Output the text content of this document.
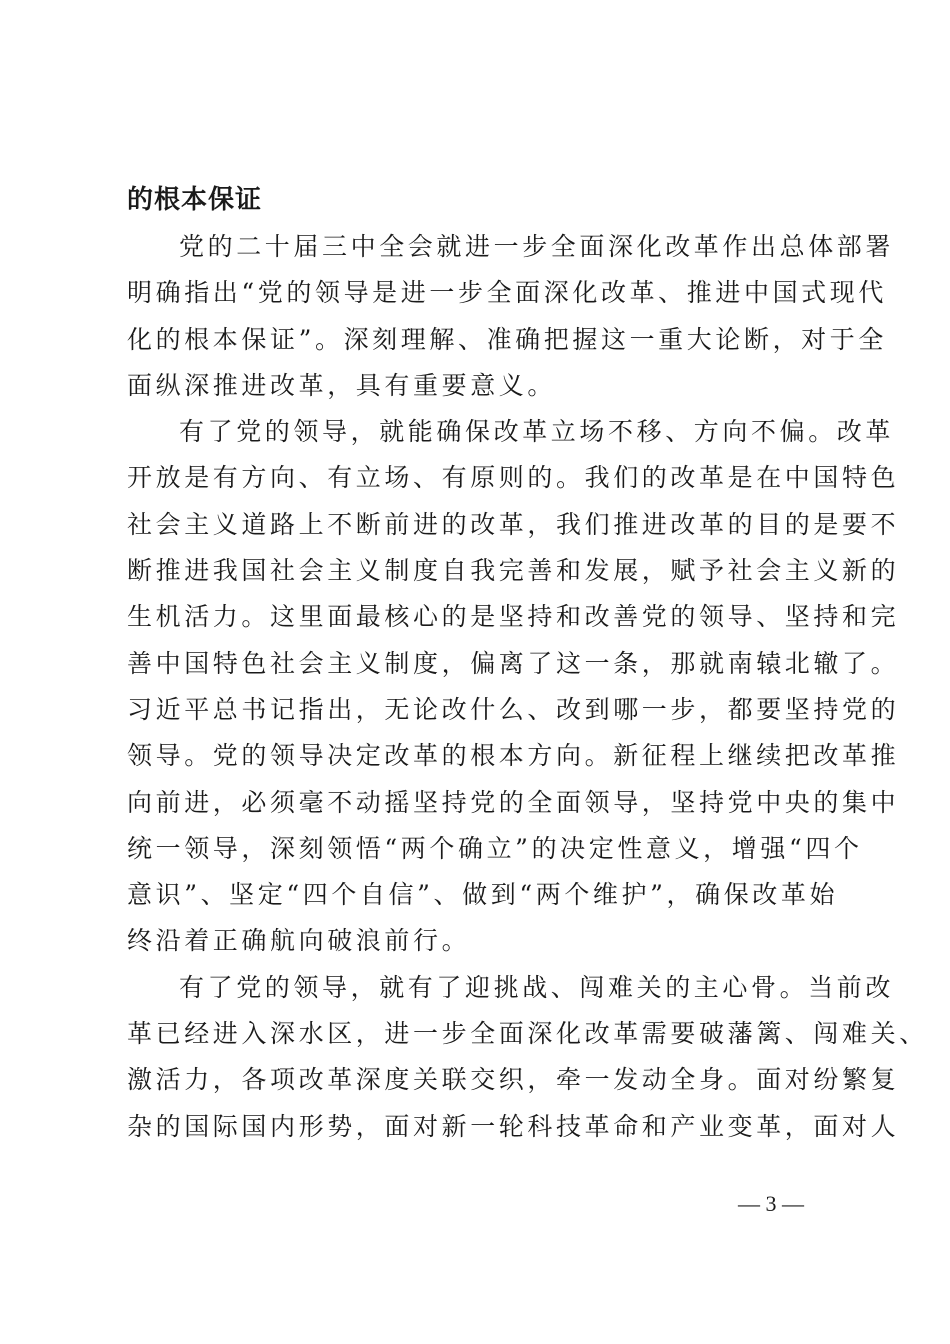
的根本保证
党的二十届三中全会就进一步全面深化改革作出总体部署
明确指出“党的领导是进一步全面深化改革、推进中国式现代
化的根本保证”。深刻理解、准确把握这一重大论断，对于全
面纵深推进改革，具有重要意义。
有了党的领导，就能确保改革立场不移、方向不偏。改革
开放是有方向、有立场、有原则的。我们的改革是在中国特色
社会主义道路上不断前进的改革，我们推进改革的目的是要不
断推进我国社会主义制度自我完善和发展，赋予社会主义新的
生机活力。这里面最核心的是坚持和改善党的领导、坚持和完
善中国特色社会主义制度，偏离了这一条，那就南辕北辙了。
习近平总书记指出，无论改什么、改到哪一步，都要坚持党的
领导。党的领导决定改革的根本方向。新征程上继续把改革推
向前进，必须毫不动摇坚持党的全面领导，坚持党中央的集中
统一领导，深刻领悟“两个确立”的决定性意义，增强“四个
意识”、坚定“四个自信”、做到“两个维护”，确保改革始
终沿着正确航向破浪前行。
有了党的领导，就有了迎挑战、闯难关的主心骨。当前改
革已经进入深水区，进一步全面深化改革需要破藩篱、闯难关、
激活力，各项改革深度关联交织，牵一发动全身。面对纷繁复
杂的国际国内形势，面对新一轮科技革命和产业变革，面对人
— 3 —
